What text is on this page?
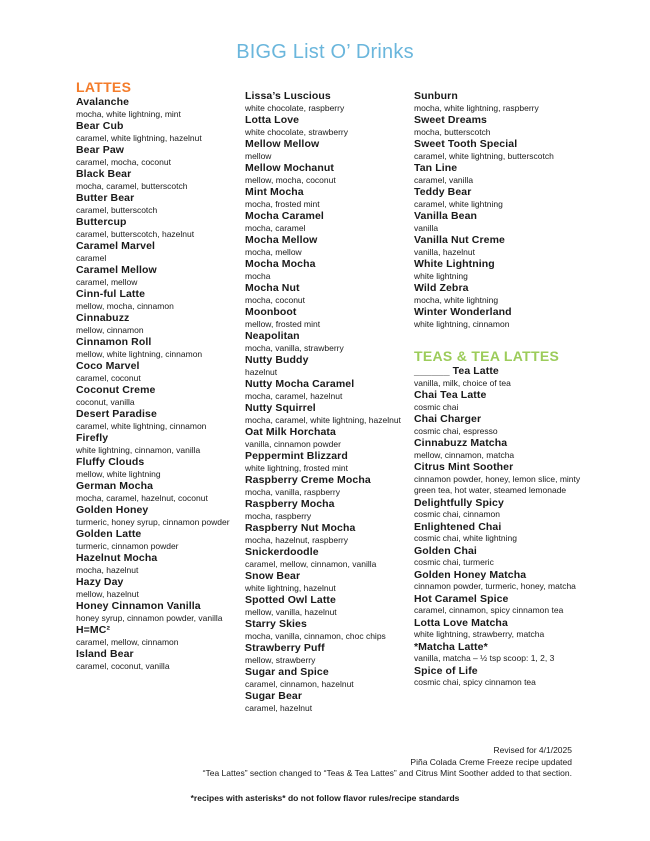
BIGG List O’ Drinks
LATTES
Avalanche
mocha, white lightning, mint
Bear Cub
caramel, white lightning, hazelnut
Bear Paw
caramel, mocha, coconut
Black Bear
mocha, caramel, butterscotch
Butter Bear
caramel, butterscotch
Buttercup
caramel, butterscotch, hazelnut
Caramel Marvel
caramel
Caramel Mellow
caramel, mellow
Cinn-ful Latte
mellow, mocha, cinnamon
Cinnabuzz
mellow, cinnamon
Cinnamon Roll
mellow, white lightning, cinnamon
Coco Marvel
caramel, coconut
Coconut Creme
coconut, vanilla
Desert Paradise
caramel, white lightning, cinnamon
Firefly
white lightning, cinnamon, vanilla
Fluffy Clouds
mellow, white lightning
German Mocha
mocha, caramel, hazelnut, coconut
Golden Honey
turmeric, honey syrup, cinnamon powder
Golden Latte
turmeric, cinnamon powder
Hazelnut Mocha
mocha, hazelnut
Hazy Day
mellow, hazelnut
Honey Cinnamon Vanilla
honey syrup, cinnamon powder, vanilla
H=MC²
caramel, mellow, cinnamon
Island Bear
caramel, coconut, vanilla
Lissa’s Luscious
white chocolate, raspberry
Lotta Love
white chocolate, strawberry
Mellow Mellow
mellow
Mellow Mochanut
mellow, mocha, coconut
Mint Mocha
mocha, frosted mint
Mocha Caramel
mocha, caramel
Mocha Mellow
mocha, mellow
Mocha Mocha
mocha
Mocha Nut
mocha, coconut
Moonboot
mellow, frosted mint
Neapolitan
mocha, vanilla, strawberry
Nutty Buddy
hazelnut
Nutty Mocha Caramel
mocha, caramel, hazelnut
Nutty Squirrel
mocha, caramel, white lightning, hazelnut
Oat Milk Horchata
vanilla, cinnamon powder
Peppermint Blizzard
white lightning, frosted mint
Raspberry Creme Mocha
mocha, vanilla, raspberry
Raspberry Mocha
mocha, raspberry
Raspberry Nut Mocha
mocha, hazelnut, raspberry
Snickerdoodle
caramel, mellow, cinnamon, vanilla
Snow Bear
white lightning, hazelnut
Spotted Owl Latte
mellow, vanilla, hazelnut
Starry Skies
mocha, vanilla, cinnamon, choc chips
Strawberry Puff
mellow, strawberry
Sugar and Spice
caramel, cinnamon, hazelnut
Sugar Bear
caramel, hazelnut
Sunburn
mocha, white lightning, raspberry
Sweet Dreams
mocha, butterscotch
Sweet Tooth Special
caramel, white lightning, butterscotch
Tan Line
caramel, vanilla
Teddy Bear
caramel, white lightning
Vanilla Bean
vanilla
Vanilla Nut Creme
vanilla, hazelnut
White Lightning
white lightning
Wild Zebra
mocha, white lightning
Winter Wonderland
white lightning, cinnamon
TEAS & TEA LATTES
______ Tea Latte
vanilla, milk, choice of tea
Chai Tea Latte
cosmic chai
Chai Charger
cosmic chai, espresso
Cinnabuzz Matcha
mellow, cinnamon, matcha
Citrus Mint Soother
cinnamon powder, honey, lemon slice, minty green tea, hot water, steamed lemonade
Delightfully Spicy
cosmic chai, cinnamon
Enlightened Chai
cosmic chai, white lightning
Golden Chai
cosmic chai, turmeric
Golden Honey Matcha
cinnamon powder, turmeric, honey, matcha
Hot Caramel Spice
caramel, cinnamon, spicy cinnamon tea
Lotta Love Matcha
white lightning, strawberry, matcha
*Matcha Latte*
vanilla, matcha – ½ tsp scoop: 1, 2, 3
Spice of Life
cosmic chai, spicy cinnamon tea
Revised for 4/1/2025
Piña Colada Creme Freeze recipe updated
“Tea Lattes” section changed to “Teas & Tea Lattes” and Citrus Mint Soother added to that section.
*recipes with asterisks* do not follow flavor rules/recipe standards
